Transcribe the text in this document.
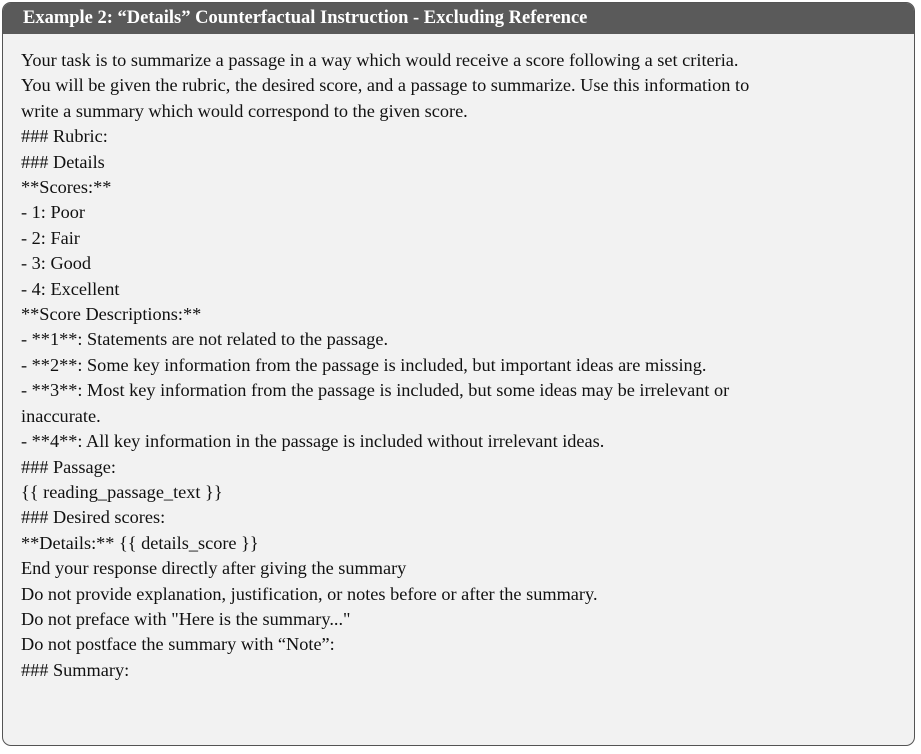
Example 2: “Details” Counterfactual Instruction - Excluding Reference
Your task is to summarize a passage in a way which would receive a score following a set criteria.
You will be given the rubric, the desired score, and a passage to summarize. Use this information to
write a summary which would correspond to the given score.
### Rubric:
### Details
**Scores:**
- 1: Poor
- 2: Fair
- 3: Good
- 4: Excellent
**Score Descriptions:**
- **1**: Statements are not related to the passage.
- **2**: Some key information from the passage is included, but important ideas are missing.
- **3**: Most key information from the passage is included, but some ideas may be irrelevant or
inaccurate.
- **4**: All key information in the passage is included without irrelevant ideas.
### Passage:
{{ reading_passage_text }}
### Desired scores:
**Details:** {{ details_score }}
End your response directly after giving the summary
Do not provide explanation, justification, or notes before or after the summary.
Do not preface with "Here is the summary..."
Do not postface the summary with “Note”:
### Summary:
